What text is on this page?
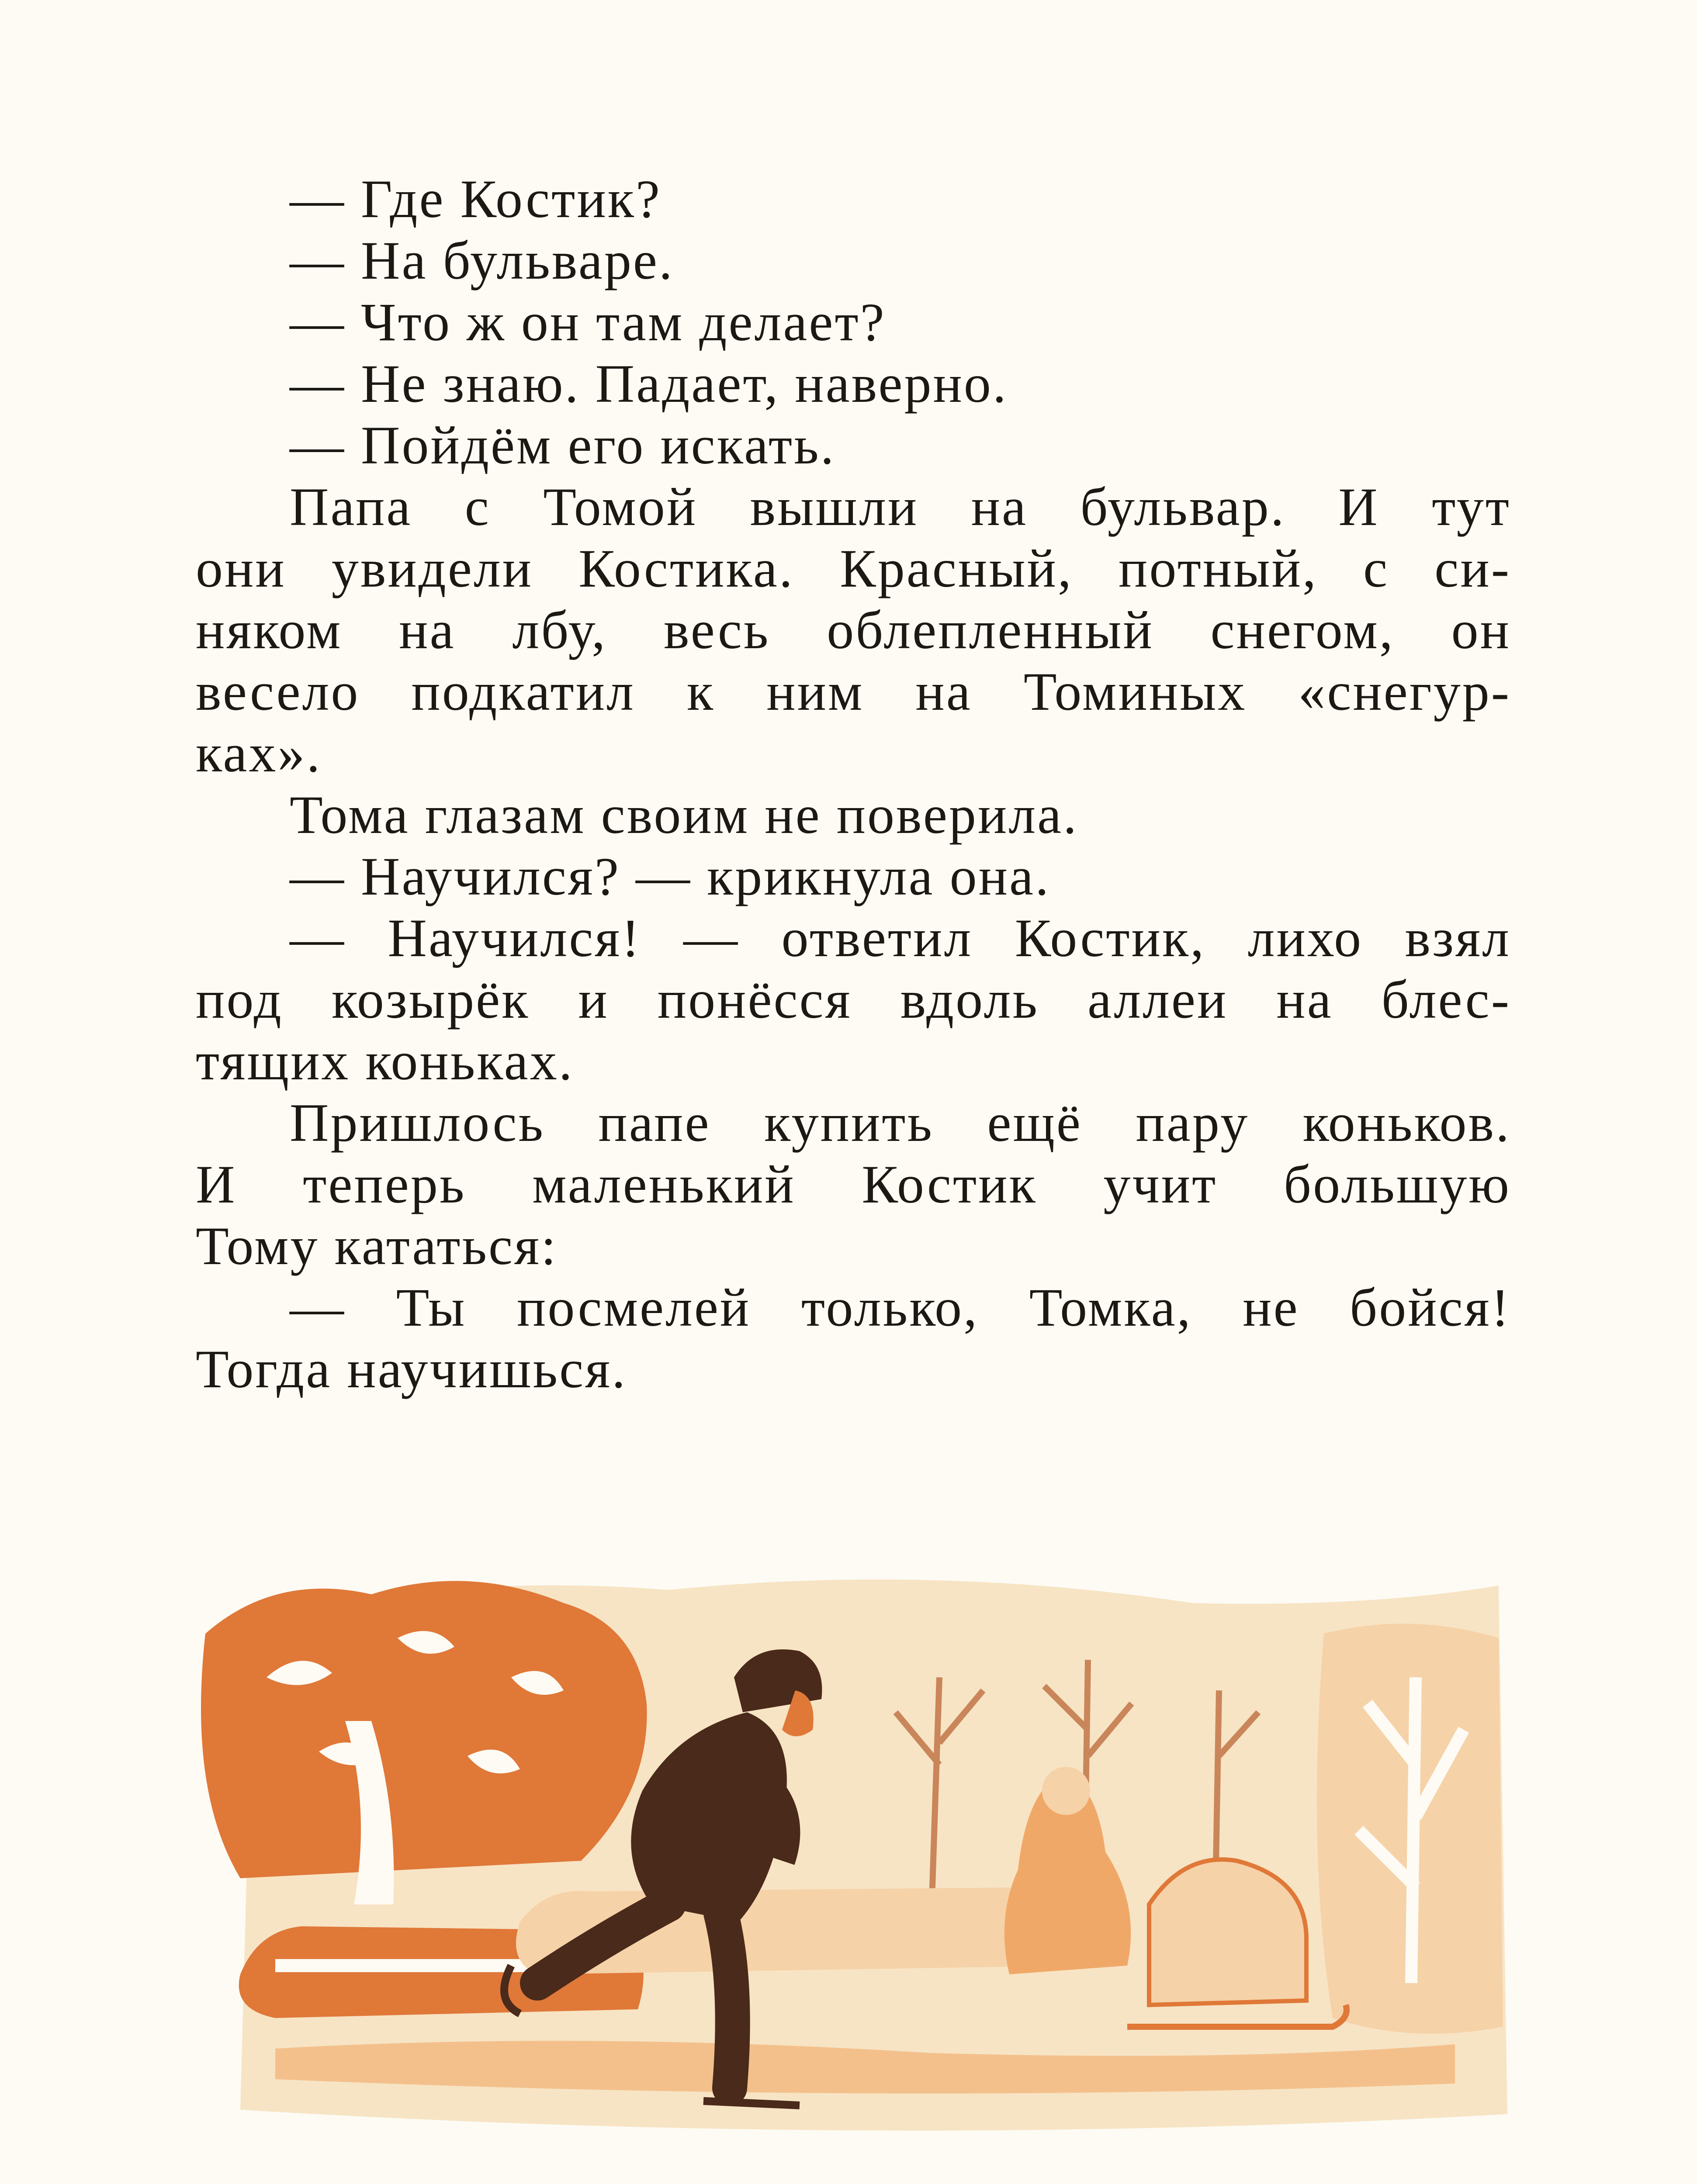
— Где Костик?
— На бульваре.
— Что ж он там делает?
— Не знаю. Падает, наверно.
— Пойдём его искать.
Папа с Томой вышли на бульвар. И тут
они увидели Костика. Красный, потный, с си-
няком на лбу, весь облепленный снегом, он
весело подкатил к ним на Томиных «снегур-
ках».
Тома глазам своим не поверила.
— Научился? — крикнула она.
— Научился! — ответил Костик, лихо взял
под козырёк и понёсся вдоль аллеи на блес-
тящих коньках.
Пришлось папе купить ещё пару коньков.
И теперь маленький Костик учит большую
Тому кататься:
— Ты посмелей только, Томка, не бойся!
Тогда научишься.
